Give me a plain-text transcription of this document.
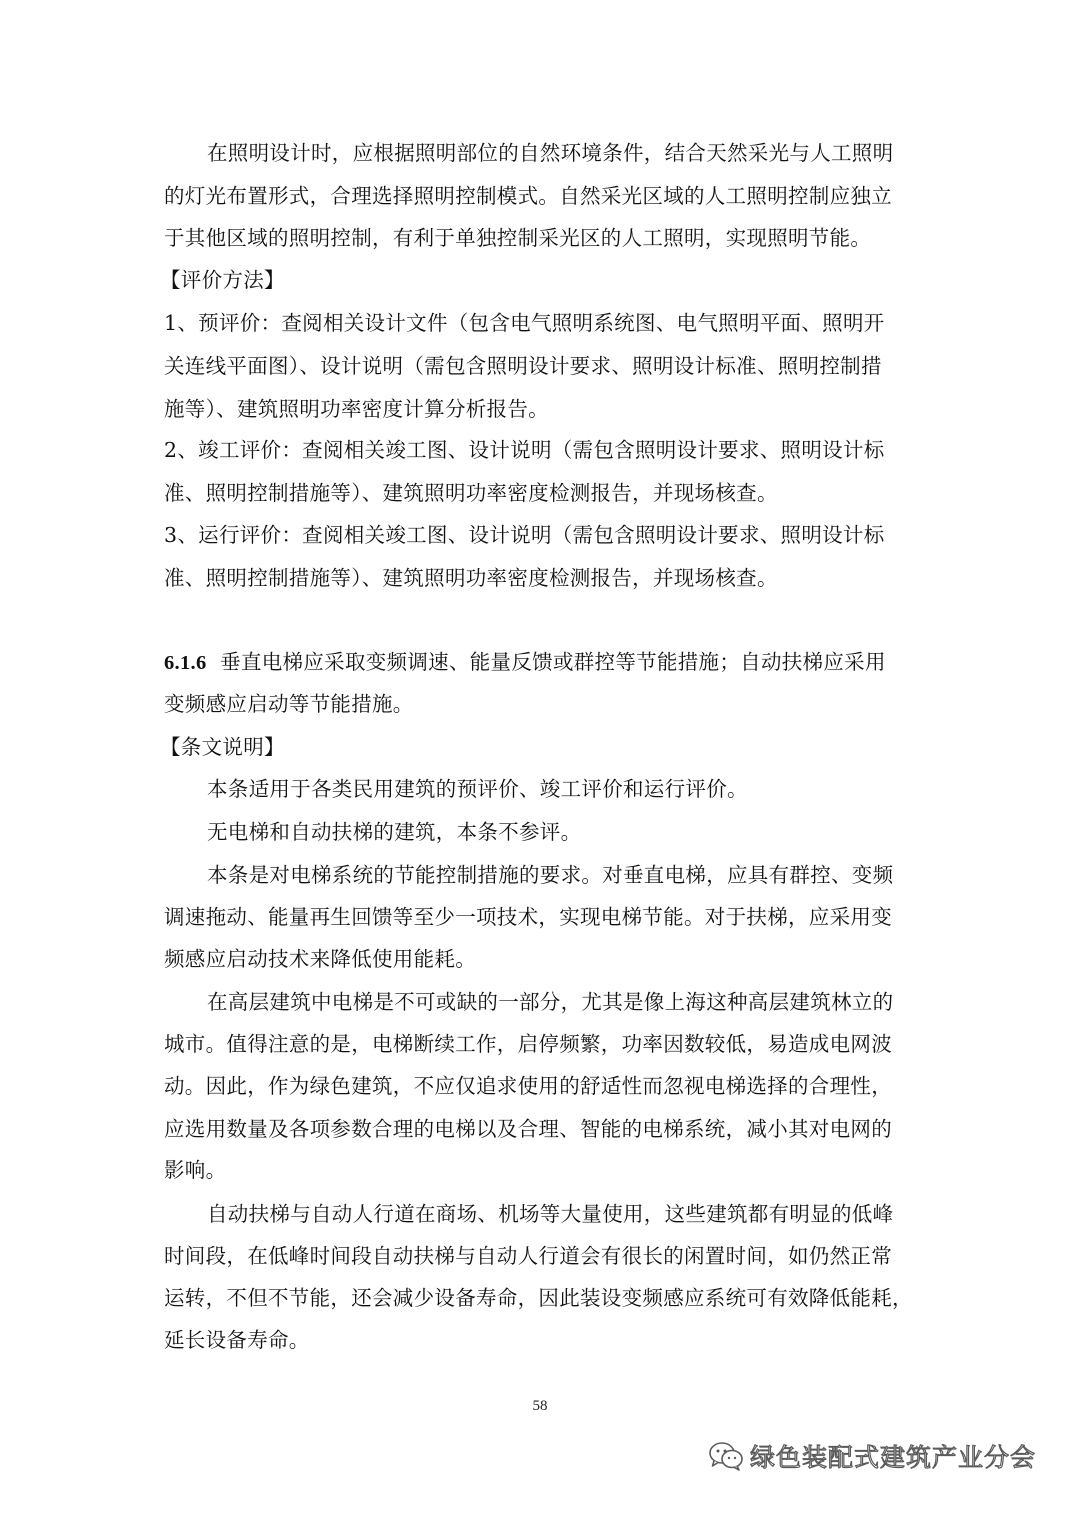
在照明设计时，应根据照明部位的自然环境条件，结合天然采光与人工照明
的灯光布置形式，合理选择照明控制模式。自然采光区域的人工照明控制应独立
于其他区域的照明控制，有利于单独控制采光区的人工照明，实现照明节能。
【评价方法】
1、预评价：查阅相关设计文件（包含电气照明系统图、电气照明平面、照明开
关连线平面图）、设计说明（需包含照明设计要求、照明设计标准、照明控制措
施等）、建筑照明功率密度计算分析报告。
2、竣工评价：查阅相关竣工图、设计说明（需包含照明设计要求、照明设计标
准、照明控制措施等）、建筑照明功率密度检测报告，并现场核查。
3、运行评价：查阅相关竣工图、设计说明（需包含照明设计要求、照明设计标
准、照明控制措施等）、建筑照明功率密度检测报告，并现场核查。
6.1.6 垂直电梯应采取变频调速、能量反馈或群控等节能措施；自动扶梯应采用
变频感应启动等节能措施。
【条文说明】
本条适用于各类民用建筑的预评价、竣工评价和运行评价。
无电梯和自动扶梯的建筑，本条不参评。
本条是对电梯系统的节能控制措施的要求。对垂直电梯，应具有群控、变频
调速拖动、能量再生回馈等至少一项技术，实现电梯节能。对于扶梯，应采用变
频感应启动技术来降低使用能耗。
在高层建筑中电梯是不可或缺的一部分，尤其是像上海这种高层建筑林立的
城市。值得注意的是，电梯断续工作，启停频繁，功率因数较低，易造成电网波
动。因此，作为绿色建筑，不应仅追求使用的舒适性而忽视电梯选择的合理性，
应选用数量及各项参数合理的电梯以及合理、智能的电梯系统，减小其对电网的
影响。
自动扶梯与自动人行道在商场、机场等大量使用，这些建筑都有明显的低峰
时间段，在低峰时间段自动扶梯与自动人行道会有很长的闲置时间，如仍然正常
运转，不但不节能，还会减少设备寿命，因此装设变频感应系统可有效降低能耗，
延长设备寿命。
58
绿色装配式建筑产业分会
